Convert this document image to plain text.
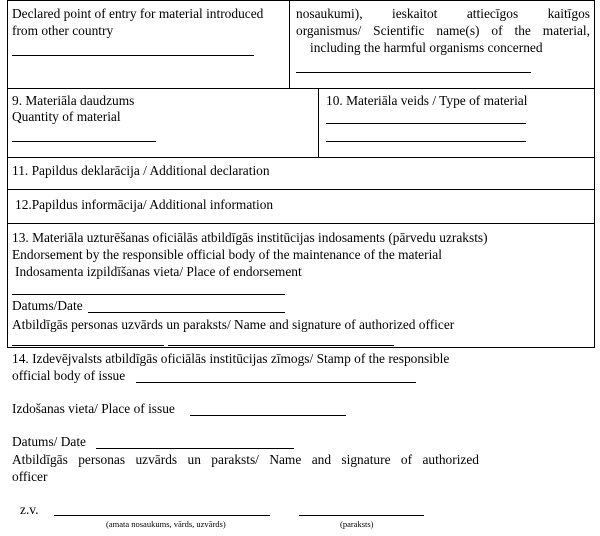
Declared point of entry for material introduced
from other country
nosaukumi), ieskaitot attiecīgos kaitīgos
organismus/ Scientific name(s) of the material,
including the harmful organisms concerned
9. Materiāla daudzums
Quantity of material
10. Materiāla veids / Type of material
11. Papildus deklarācija / Additional declaration
12.Papildus informācija/ Additional information
13. Materiāla uzturēšanas oficiālās atbildīgās institūcijas indosaments (pārvedu uzraksts)
Endorsement by the responsible official body of the maintenance of the material
Indosamenta izpildīšanas vieta/ Place of endorsement
Datums/Date
Atbildīgās personas uzvārds un paraksts/ Name and signature of authorized officer
14. Izdevējvalsts atbildīgās oficiālās institūcijas zīmogs/ Stamp of the responsible
official body of issue
Izdošanas vieta/ Place of issue
Datums/ Date
Atbildīgās personas uzvārds un paraksts/ Name and signature of authorized
officer
z.v.
(amata nosaukums, vārds, uzvārds)	(paraksts)
